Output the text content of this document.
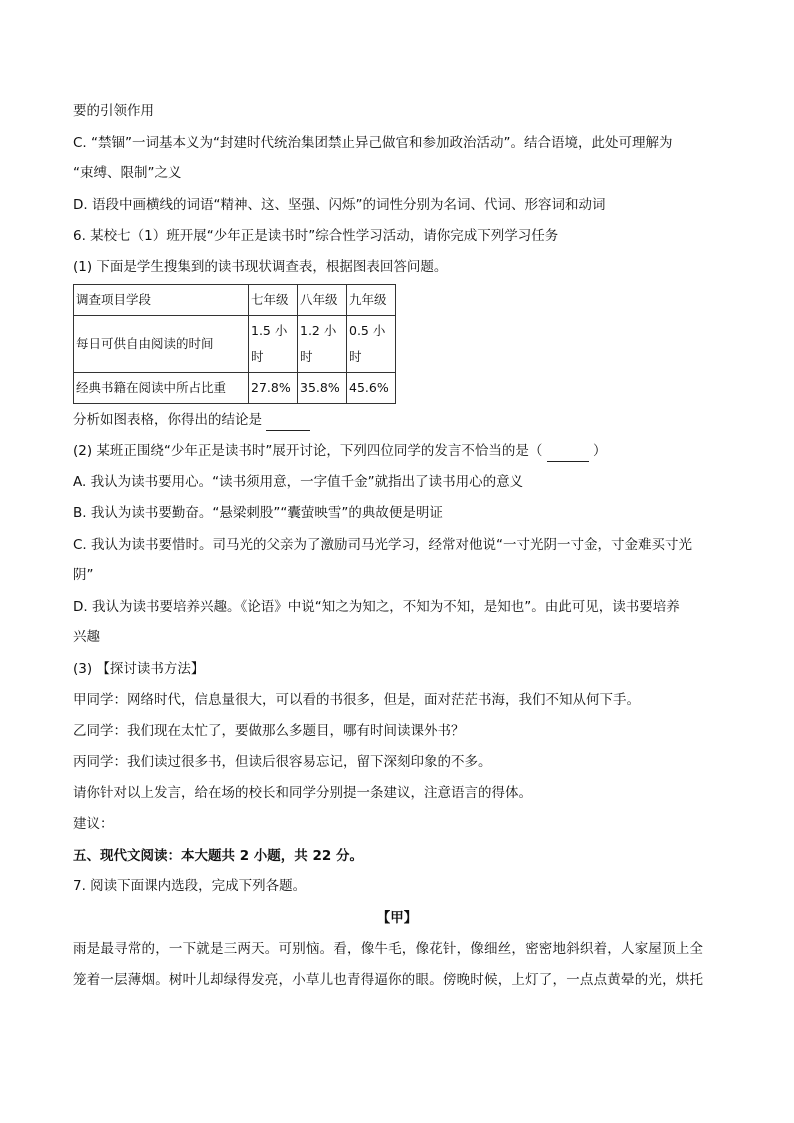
要的引领作用
C. “禁锢”一词基本义为“封建时代统治集团禁止异己做官和参加政治活动”。结合语境，此处可理解为
“束缚、限制”之义
D. 语段中画横线的词语“精神、这、坚强、闪烁”的词性分别为名词、代词、形容词和动词
6. 某校七（1）班开展“少年正是读书时”综合性学习活动，请你完成下列学习任务
(1) 下面是学生搜集到的读书现状调查表，根据图表回答问题。
调查项目学段	七年级	八年级	九年级
每日可供自由阅读的时间	1.5 小时	1.2 小时	0.5 小时
经典书籍在阅读中所占比重	27.8%	35.8%	45.6%
分析如图表格，你得出的结论是
(2) 某班正围绕“少年正是读书时”展开讨论，下列四位同学的发言不恰当的是（	）
A. 我认为读书要用心。“读书须用意，一字值千金”就指出了读书用心的意义
B. 我认为读书要勤奋。“悬梁刺股”“囊萤映雪”的典故便是明证
C. 我认为读书要惜时。司马光的父亲为了激励司马光学习，经常对他说“一寸光阴一寸金，寸金难买寸光
阴”
D. 我认为读书要培养兴趣。《论语》中说“知之为知之，不知为不知，是知也”。由此可见，读书要培养
兴趣
(3) 【探讨读书方法】
甲同学：网络时代，信息量很大，可以看的书很多，但是，面对茫茫书海，我们不知从何下手。
乙同学：我们现在太忙了，要做那么多题目，哪有时间读课外书？
丙同学：我们读过很多书，但读后很容易忘记，留下深刻印象的不多。
请你针对以上发言，给在场的校长和同学分别提一条建议，注意语言的得体。
建议：
五、现代文阅读：本大题共 2 小题，共 22 分。
7. 阅读下面课内选段，完成下列各题。
【甲】
雨是最寻常的，一下就是三两天。可别恼。看，像牛毛，像花针，像细丝，密密地斜织着，人家屋顶上全
笼着一层薄烟。树叶儿却绿得发亮，小草儿也青得逼你的眼。傍晚时候，上灯了，一点点黄晕的光，烘托
